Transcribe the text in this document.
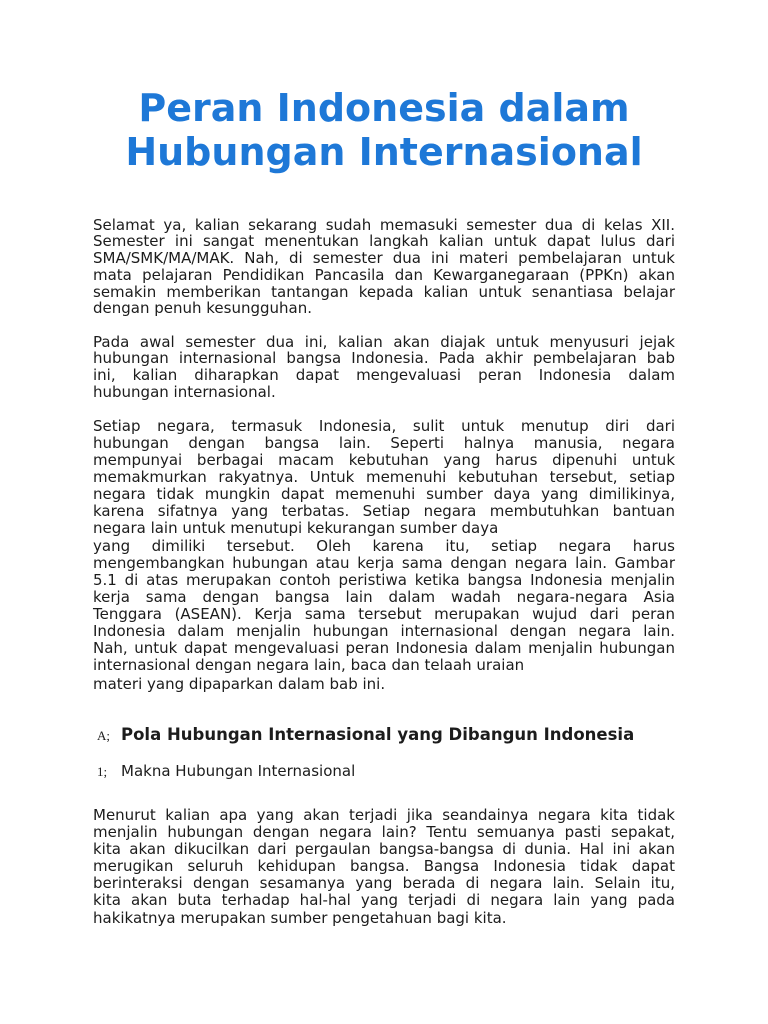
Peran Indonesia dalam
Hubungan Internasional
Selamat ya, kalian sekarang sudah memasuki semester dua di kelas XII.
Semester ini sangat menentukan langkah kalian untuk dapat lulus dari
SMA/SMK/MA/MAK. Nah, di semester dua ini materi pembelajaran untuk
mata pelajaran Pendidikan Pancasila dan Kewarganegaraan (PPKn) akan
semakin memberikan tantangan kepada kalian untuk senantiasa belajar
dengan penuh kesungguhan.
Pada awal semester dua ini, kalian akan diajak untuk menyusuri jejak
hubungan internasional bangsa Indonesia. Pada akhir pembelajaran bab
ini, kalian diharapkan dapat mengevaluasi peran Indonesia dalam
hubungan internasional.
Setiap negara, termasuk Indonesia, sulit untuk menutup diri dari
hubungan dengan bangsa lain. Seperti halnya manusia, negara
mempunyai berbagai macam kebutuhan yang harus dipenuhi untuk
memakmurkan rakyatnya. Untuk memenuhi kebutuhan tersebut, setiap
negara tidak mungkin dapat memenuhi sumber daya yang dimilikinya,
karena sifatnya yang terbatas. Setiap negara membutuhkan bantuan
negara lain untuk menutupi kekurangan sumber daya
yang dimiliki tersebut. Oleh karena itu, setiap negara harus
mengembangkan hubungan atau kerja sama dengan negara lain. Gambar
5.1 di atas merupakan contoh peristiwa ketika bangsa Indonesia menjalin
kerja sama dengan bangsa lain dalam wadah negara-negara Asia
Tenggara (ASEAN). Kerja sama tersebut merupakan wujud dari peran
Indonesia dalam menjalin hubungan internasional dengan negara lain.
Nah, untuk dapat mengevaluasi peran Indonesia dalam menjalin hubungan
internasional dengan negara lain, baca dan telaah uraian
materi yang dipaparkan dalam bab ini.
A; Pola Hubungan Internasional yang Dibangun Indonesia
1; Makna Hubungan Internasional
Menurut kalian apa yang akan terjadi jika seandainya negara kita tidak
menjalin hubungan dengan negara lain? Tentu semuanya pasti sepakat,
kita akan dikucilkan dari pergaulan bangsa-bangsa di dunia. Hal ini akan
merugikan seluruh kehidupan bangsa. Bangsa Indonesia tidak dapat
berinteraksi dengan sesamanya yang berada di negara lain. Selain itu,
kita akan buta terhadap hal-hal yang terjadi di negara lain yang pada
hakikatnya merupakan sumber pengetahuan bagi kita.
